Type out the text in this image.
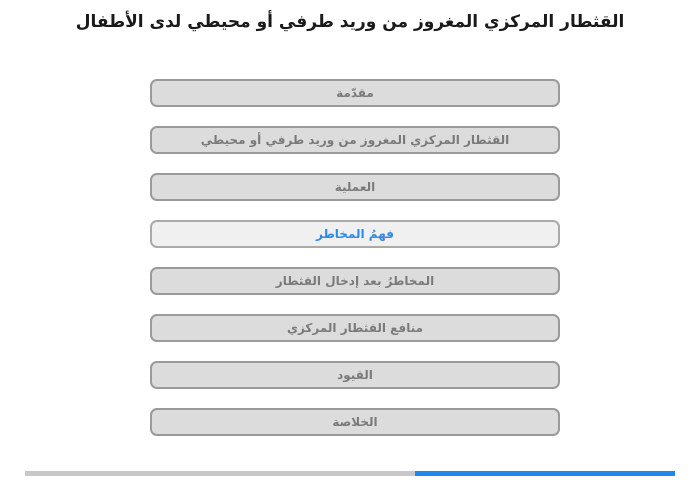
القثطار المركزي المغروز من وريد طرفي أو محيطي لدى الأطفال
مقدّمة
القثطار المركزي المغروز من وريد طرفي أو محيطي
العملية
فهمُ المخاطر
المخاطرُ بعد إدخال القثطار
منافع القثطار المركزي
القيود
الخلاصة
